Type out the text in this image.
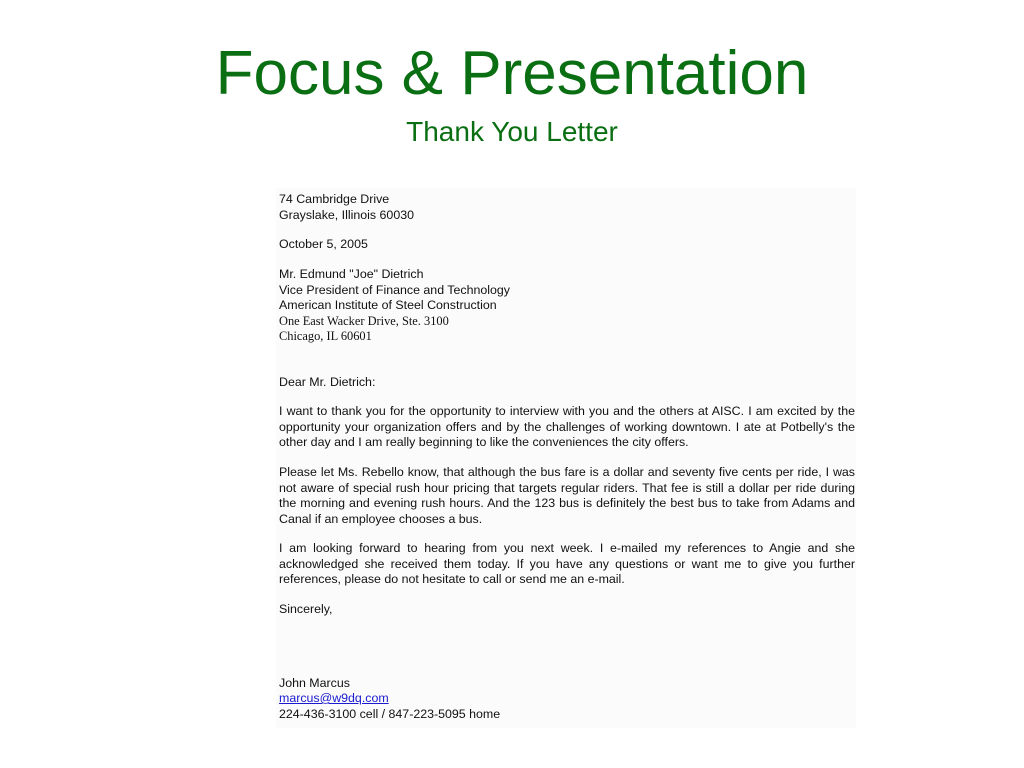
Focus & Presentation
Thank You Letter
74 Cambridge Drive
Grayslake, Illinois 60030
October 5, 2005
Mr. Edmund "Joe" Dietrich
Vice President of Finance and Technology
American Institute of Steel Construction
One East Wacker Drive, Ste. 3100
Chicago, IL 60601
Dear Mr. Dietrich:
I want to thank you for the opportunity to interview with you and the others at AISC. I am excited by the opportunity your organization offers and by the challenges of working downtown. I ate at Potbelly's the other day and I am really beginning to like the conveniences the city offers.
Please let Ms. Rebello know, that although the bus fare is a dollar and seventy five cents per ride, I was not aware of special rush hour pricing that targets regular riders. That fee is still a dollar per ride during the morning and evening rush hours. And the 123 bus is definitely the best bus to take from Adams and Canal if an employee chooses a bus.
I am looking forward to hearing from you next week. I e-mailed my references to Angie and she acknowledged she received them today. If you have any questions or want me to give you further references, please do not hesitate to call or send me an e-mail.
Sincerely,
John Marcus
marcus@w9dq.com
224-436-3100 cell / 847-223-5095 home
